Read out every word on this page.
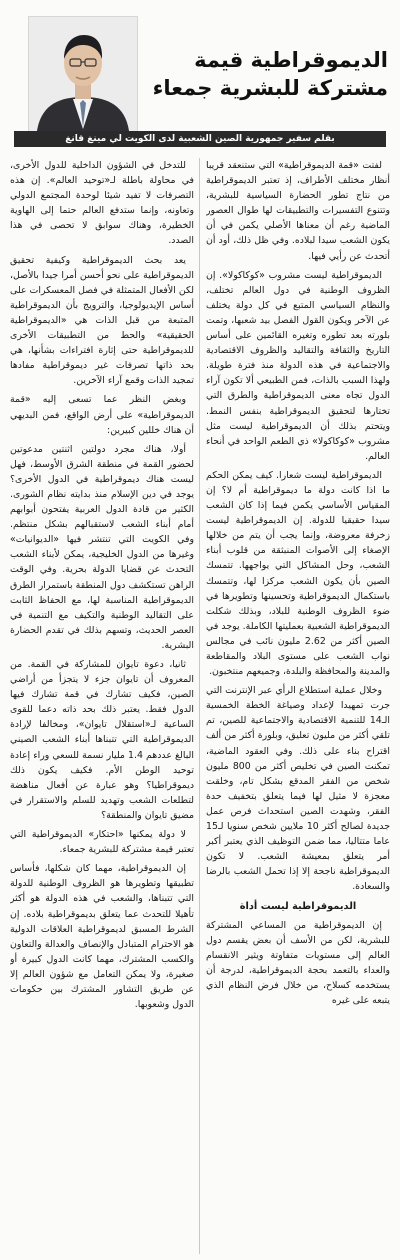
الديموقراطية قيمة
مشتركة للبشرية جمعاء
بقلم سفير جمهورية الصين الشعبية لدى الكويت لي مينغ قانغ

لفتت «قمة الديموقراطية» التي ستنعقد قريبا أنظار مختلف الأطراف، إذ تعتبر الديموقراطية من نتاج تطور الحضارة السياسية للبشرية، وتتنوع التفسيرات والتطبيقات لها طوال العصور الماضية رغم أن معناها الأصلي يكمن في أن يكون الشعب سيدا لبلاده. وفي ظل ذلك، أود أن أتحدث عن رأيي فيها.

الديموقراطية ليست مشروب «كوكاكولا». إن الظروف الوطنية في دول العالم تختلف، والنظام السياسي المتبع في كل دولة يختلف عن الآخر ويكون القول الفصل بيد شعبها، وتمت بلورته بعد تطوره وتغيره القائمين على أساس التاريخ والثقافة والتقاليد والظروف الاقتصادية والاجتماعية في هذه الدولة منذ فترة طويلة. ولهذا السبب بالذات، فمن الطبيعي ألا تكون آراء الدول تجاه معنى الديموقراطية والطرق التي تختارها لتحقيق الديموقراطية بنفس النمط. ويتحتم بذلك أن الديموقراطية ليست مثل مشروب «كوكاكولا» ذي الطعم الواحد في أنحاء العالم.

الديموقراطية ليست شعارا. كيف يمكن الحكم ما اذا كانت دولة ما ديموقراطية أم لا؟ إن المقياس الأساسي يكمن فيما إذا كان الشعب سيدا حقيقيا للدولة. إن الديموقراطية ليست زخرفة معروضة، وإنما يجب أن يتم من خلالها الإصغاء إلى الأصوات المنبثقة من قلوب أبناء الشعب، وحل المشاكل التي يواجهها. تتمسك الصين بأن يكون الشعب مركزا لها، وتتمسك باستكمال الديموقراطية وتحسينها وتطويرها في ضوء الظروف الوطنية للبلاد، وبذلك شكلت الديموقراطية الشعبية بعمليتها الكاملة. يوجد في الصين أكثر من 2.62 مليون نائب في مجالس نواب الشعب على مستوى البلاد والمقاطعة والمدينة والمحافظة والبلدة، وجميعهم منتخبون.

وخلال عملية استطلاع الرأي عبر الإنترنت التي جرت تمهيدا لإعداد وصياغة الخطة الخمسية الـ14 للتنمية الاقتصادية والاجتماعية للصين، تم تلقي أكثر من مليون تعليق، وبلورة أكثر من ألف اقتراح بناء على ذلك. وفي العقود الماضية، تمكنت الصين في تخليص أكثر من 800 مليون شخص من الفقر المدقع بشكل تام، وخلقت معجزة لا مثيل لها فيما يتعلق بتخفيف حدة الفقر، وشهدت الصين استحداث فرص عمل جديدة لصالح أكثر 10 ملايين شخص سنويا لـ15 عاما متتاليا، مما ضمن التوظيف الذي يعتبر أكبر أمر يتعلق بمعيشة الشعب. لا تكون الديموقراطية ناجحة إلا إذا تحمل الشعب بالرضا والسعادة.

الديموقراطية ليست أداة

إن الديموقراطية من المساعي المشتركة للبشرية، لكن من الأسف أن بعض يقسم دول العالم إلى مستويات متفاوتة ويثير الانقسام والعداء بالتعمد بحجة الديموقراطية، لدرجة أن يستخدمه كسلاح، من خلال فرض النظام الذي يتبعه على غيره

للتدخل في الشؤون الداخلية للدول الأخرى، في محاولة باطلة لـ«توحيد العالم». إن هذه التصرفات لا تفيد شيئا لوحدة المجتمع الدولي وتعاونه، وإنما ستدفع العالم حتما إلى الهاوية الخطيرة، وهناك سوابق لا تحصى في هذا الصدد.

يعد بحث الديموقراطية وكيفية تحقيق الديموقراطية على نحو أحسن أمرا جيدا بالأصل، لكن الأفعال المتمثلة في فصل المعسكرات على أساس الإيديولوجيا، والترويج بأن الديموقراطية المتبعة من قبل الذات هي «الديموقراطية الحقيقية» والحط من التطبيقات الأخرى للديموقراطية حتى إثارة افتراءات بشأنها، هي بحد ذاتها تصرفات غير ديموقراطية مفادها تمجيد الذات وقمع آراء الآخرين.

وبغض النظر عما تسعى إليه «قمة الديموقراطية» على أرض الواقع، فمن البديهي أن هناك خللين كبيرين:

أولا، هناك مجرد دولتين اثنتين مدعوتين لحضور القمة في منطقة الشرق الأوسط، فهل ليست هناك ديموقراطية في الدول الأخرى؟ يوجد في دين الإسلام منذ بدايته نظام الشورى. الكثير من قادة الدول العربية يفتحون أبوابهم أمام أبناء الشعب لاستقبالهم بشكل منتظم. وفي الكويت التي تنتشر فيها «الديوانيات» وغيرها من الدول الخليجية، يمكن لأبناء الشعب التحدث عن قضايا الدولة بحرية. وفي الوقت الراهن تستكشف دول المنطقة باستمرار الطرق الديموقراطية المناسبة لها، مع الحفاظ الثابت على التقاليد الوطنية والتكيف مع التنمية في العصر الحديث، وتسهم بذلك في تقدم الحضارة البشرية.

ثانيا، دعوة تايوان للمشاركة في القمة. من المعروف أن تايوان جزء لا يتجزأ من أراضي الصين، فكيف تشارك في قمة تشارك فيها الدول فقط. يعتبر ذلك بحد ذاته دعما للقوى الساعية لـ«استقلال تايوان»، ومخالفا لإرادة الديموقراطية التي تتبناها أبناء الشعب الصيني البالغ عددهم 1.4 مليار نسمة للسعي وراء إعادة توحيد الوطن الأم. فكيف يكون ذلك ديموقراطيا؟ وهو عبارة عن أفعال مناهضة لتطلعات الشعب وتهديد للسلم والاستقرار في مضيق تايوان والمنطقة؟

لا دولة يمكنها «احتكار» الديموقراطية التي تعتبر قيمة مشتركة للبشرية جمعاء.

إن الديموقراطية، مهما كان شكلها، فأساس تطبيقها وتطويرها هو الظروف الوطنية للدولة التي تتبناها، والشعب في هذه الدولة هو أكثر تأهيلا للتحدث عما يتعلق بديموقراطية بلاده. إن الشرط المسبق لديموقراطية العلاقات الدولية هو الاحترام المتبادل والإنصاف والعدالة والتعاون والكسب المشترك، مهما كانت الدول كبيرة أو صغيرة، ولا يمكن التعامل مع شؤون العالم إلا عن طريق التشاور المشترك بين حكومات الدول وشعوبها.
